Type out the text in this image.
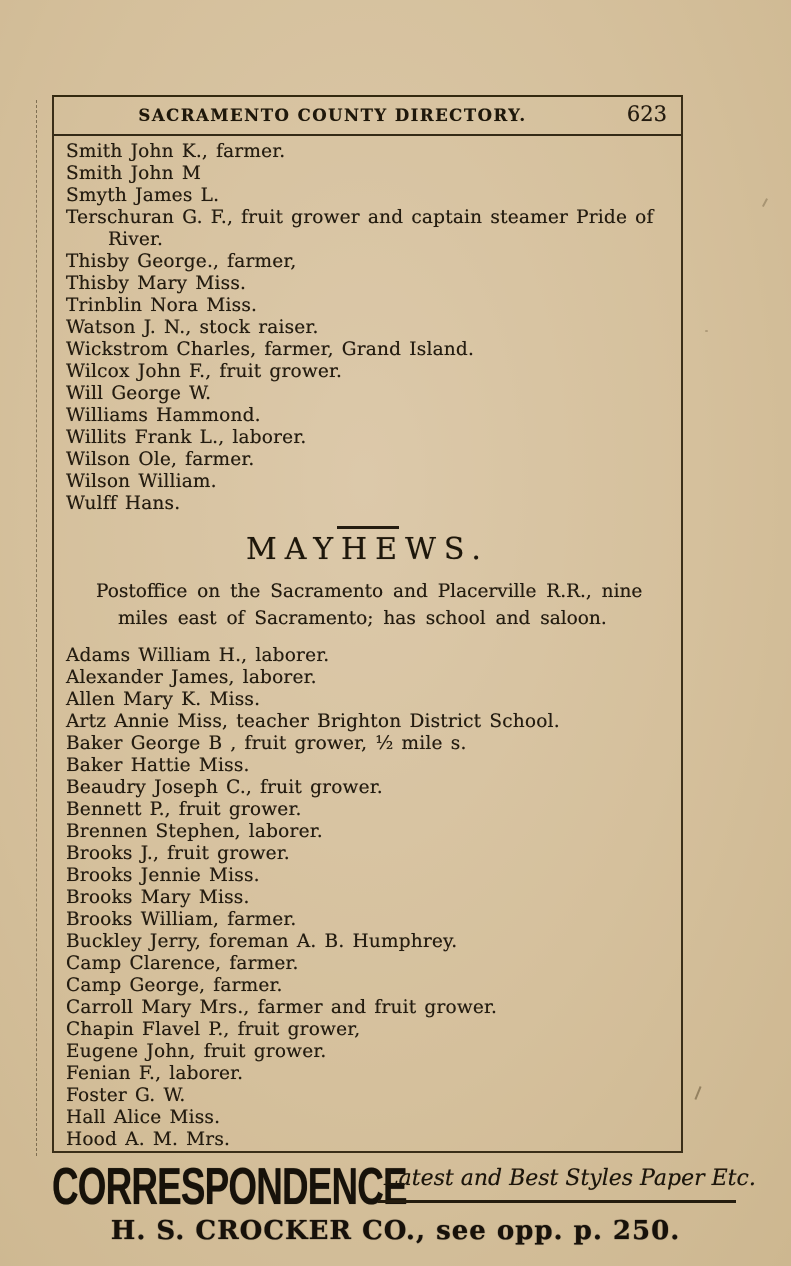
SACRAMENTO COUNTY DIRECTORY.	623
Smith John K., farmer.
Smith John M
Smyth James L.
Terschuran G. F., fruit grower and captain steamer Pride of
River.
Thisby George., farmer,
Thisby Mary Miss.
Trinblin Nora Miss.
Watson J. N., stock raiser.
Wickstrom Charles, farmer, Grand Island.
Wilcox John F., fruit grower.
Will George W.
Williams Hammond.
Willits Frank L., laborer.
Wilson Ole, farmer.
Wilson William.
Wulff Hans.
MAYHEWS.
Postoffice on the Sacramento and Placerville R.R., nine
miles east of Sacramento; has school and saloon.
Adams William H., laborer.
Alexander James, laborer.
Allen Mary K. Miss.
Artz Annie Miss, teacher Brighton District School.
Baker George B , fruit grower, ½ mile s.
Baker Hattie Miss.
Beaudry Joseph C., fruit grower.
Bennett P., fruit grower.
Brennen Stephen, laborer.
Brooks J., fruit grower.
Brooks Jennie Miss.
Brooks Mary Miss.
Brooks William, farmer.
Buckley Jerry, foreman A. B. Humphrey.
Camp Clarence, farmer.
Camp George, farmer.
Carroll Mary Mrs., farmer and fruit grower.
Chapin Flavel P., fruit grower,
Eugene John, fruit grower.
Fenian F., laborer.
Foster G. W.
Hall Alice Miss.
Hood A. M. Mrs.
CORRESPONDENCE
Latest and Best Styles Paper Etc.
H. S. CROCKER CO., see opp. p. 250.
